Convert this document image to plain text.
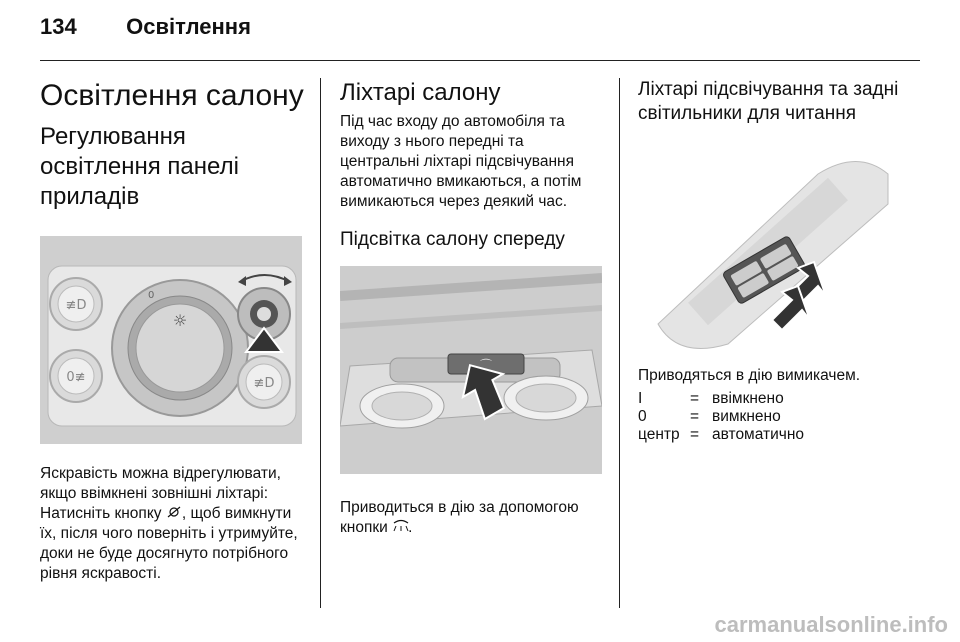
134 Освітлення
Освітлення салону
Регулювання освітлення панелі приладів
≢D
0≢
☼
0
≢D

Яскравість можна відрегулювати, якщо ввімкнені зовнішні ліхтарі: Натисніть кнопку , щоб вимкнути їх, після чого поверніть і утримуйте, доки не буде досягнуто потрібного рівня яскравості.

Ліхтарі салону

Під час входу до автомобіля та виходу з нього передні та центральні ліхтарі підсвічування автоматично вмикаються, а потім вимикаються через деякий час.

Підсвітка салону спереду
⌒

Приводиться в дію за допомогою кнопки .

Ліхтарі підсвічування та задні світильники для читання

Приводяться в дію вимикачем.

I	= ввімкнено
0	= вимкнено
центр = автоматично
carmanualsonline.info
